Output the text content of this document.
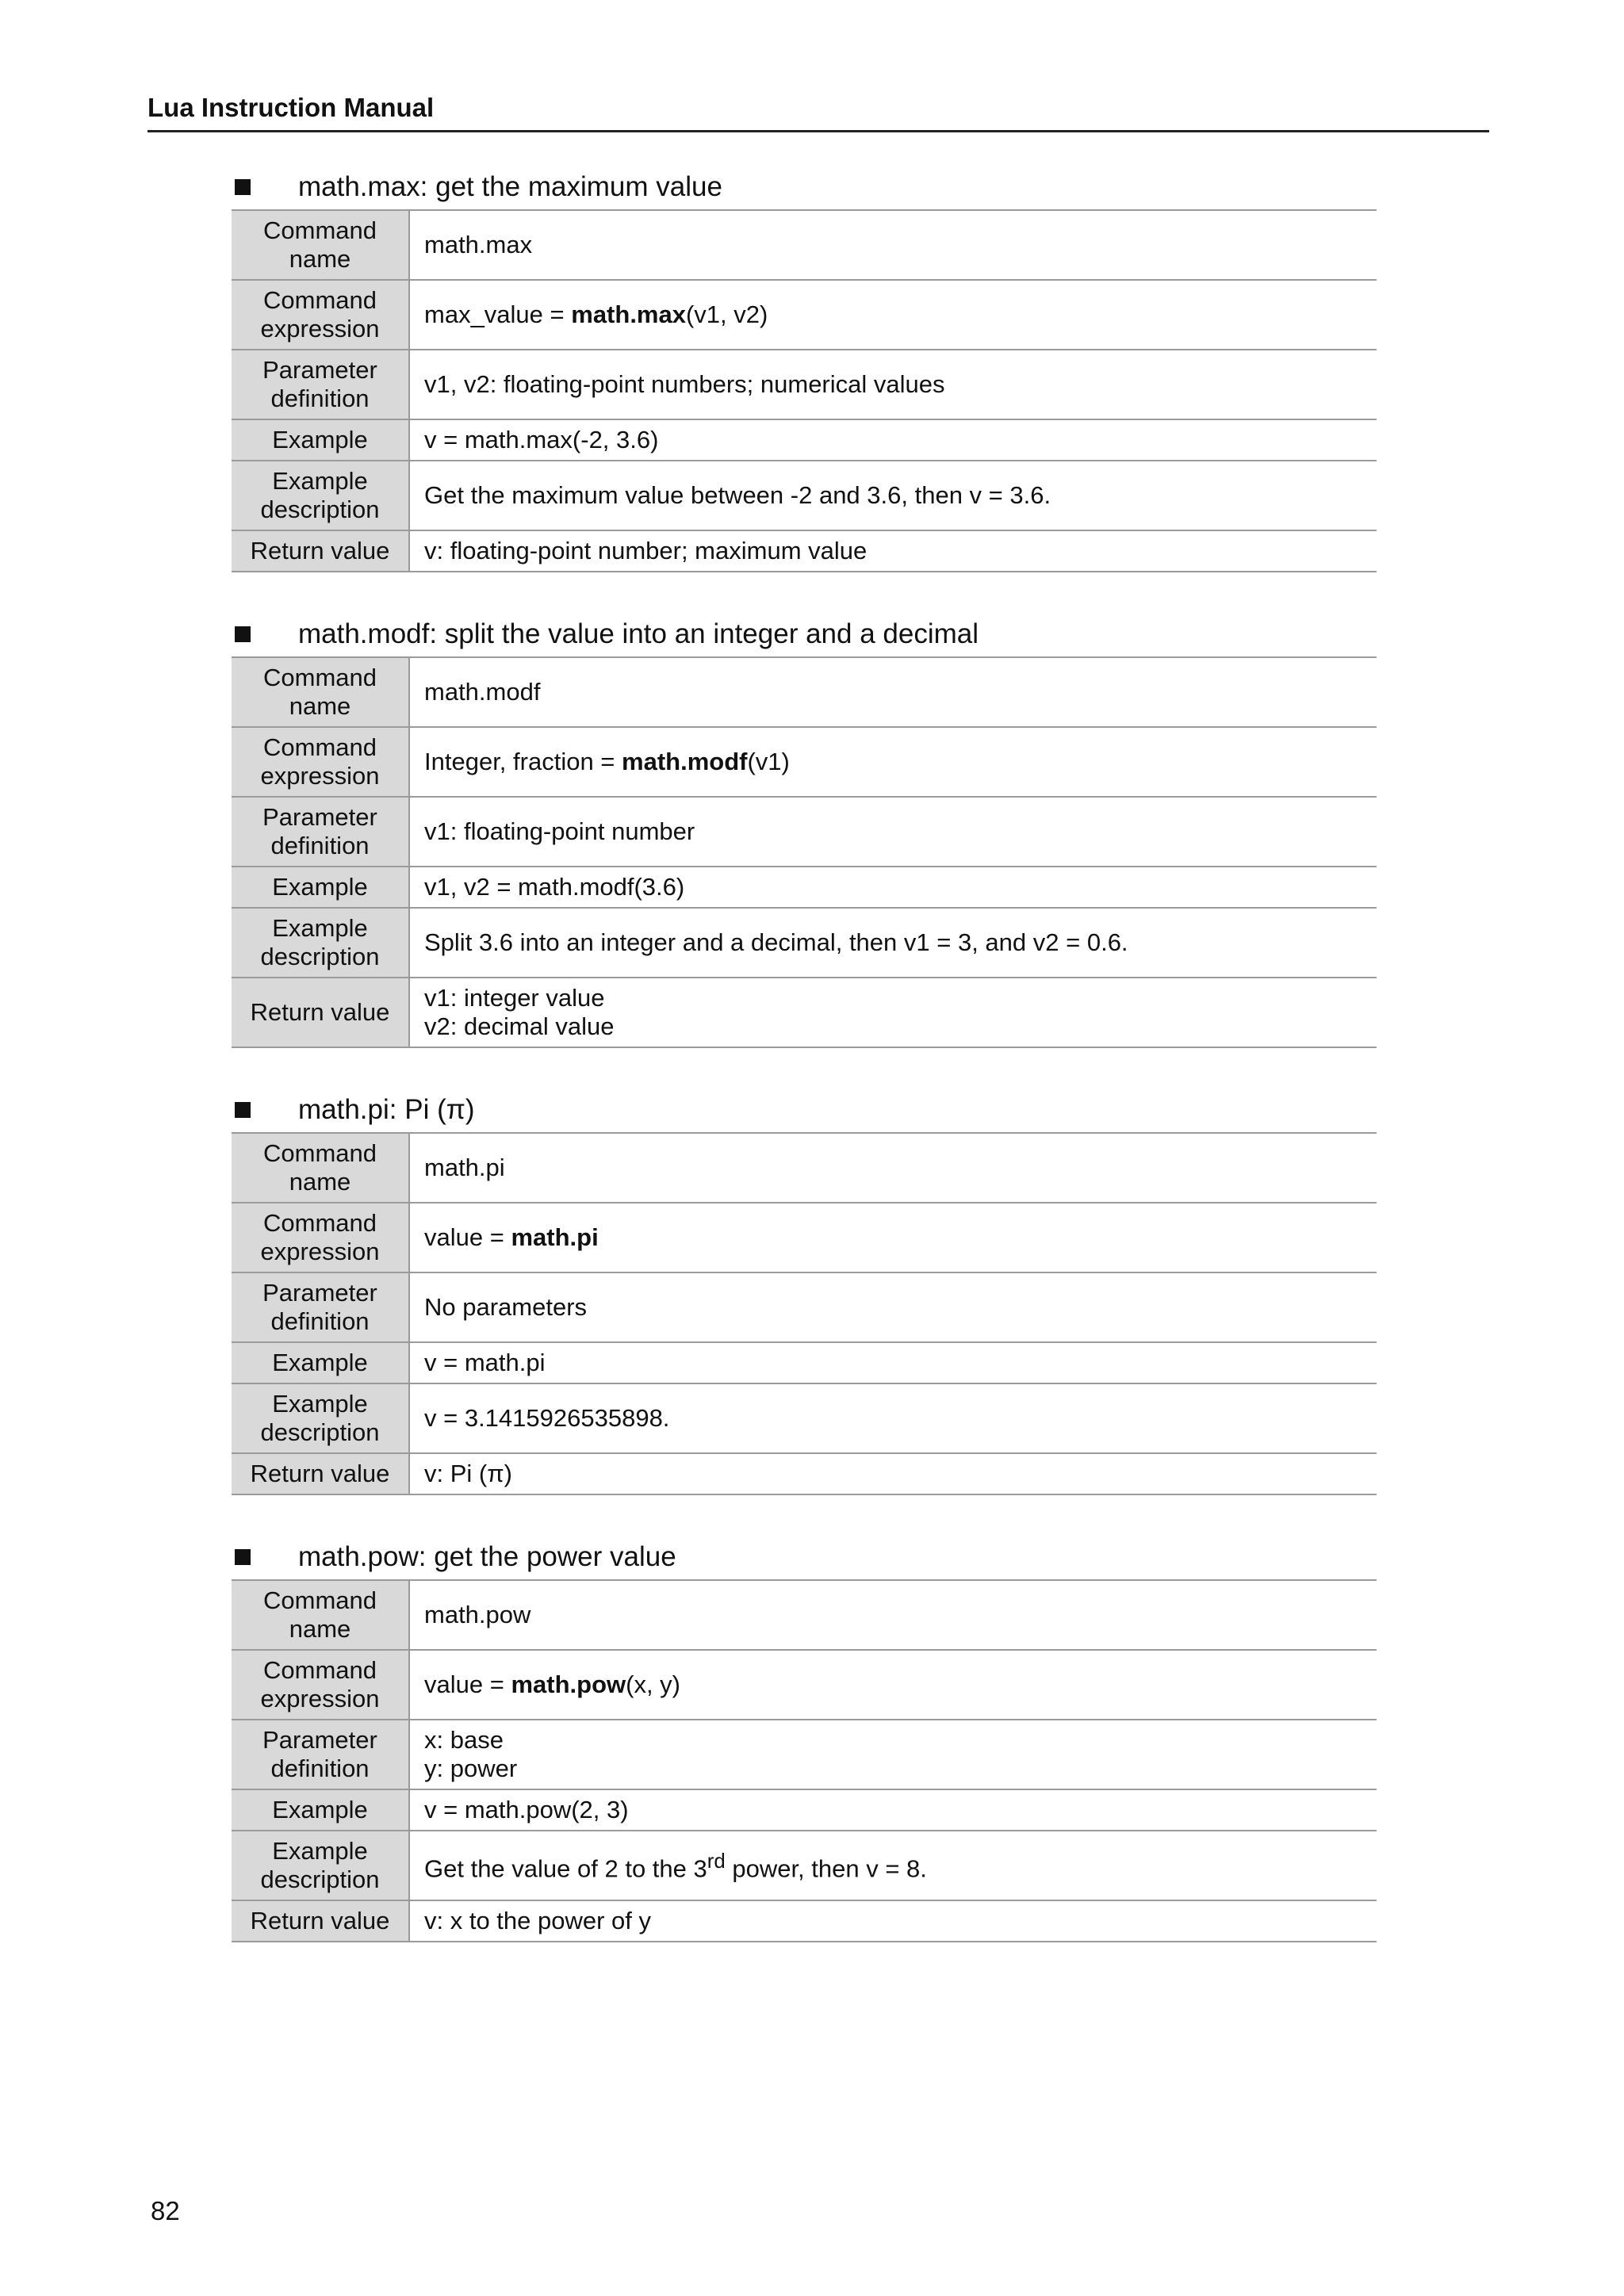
Lua Instruction Manual
math.max: get the maximum value
Command name	math.max
Command expression	max_value = math.max(v1, v2)
Parameter definition	v1, v2: floating-point numbers; numerical values

Example	v = math.max(-2, 3.6)
Example description	Get the maximum value between -2 and 3.6, then v = 3.6.
Return value	v: floating-point number; maximum value
math.modf: split the value into an integer and a decimal
Command name	math.modf
Command expression	Integer, fraction = math.modf(v1)
Parameter definition	v1: floating-point number

Example	v1, v2 = math.modf(3.6)
Example description	Split 3.6 into an integer and a decimal, then v1 = 3, and v2 = 0.6.
Return value	v1: integer value
v2: decimal value
math.pi: Pi (π)
Command name	math.pi
Command expression	value = math.pi
Parameter definition	No parameters

Example	v = math.pi
Example description	v = 3.1415926535898.
Return value	v: Pi (π)
math.pow: get the power value
Command name	math.pow
Command expression	value = math.pow(x, y)
Parameter definition	x: base
y: power

Example	v = math.pow(2, 3)
Example description	Get the value of 2 to the 3rd power, then v = 8.
Return value	v: x to the power of y
82
